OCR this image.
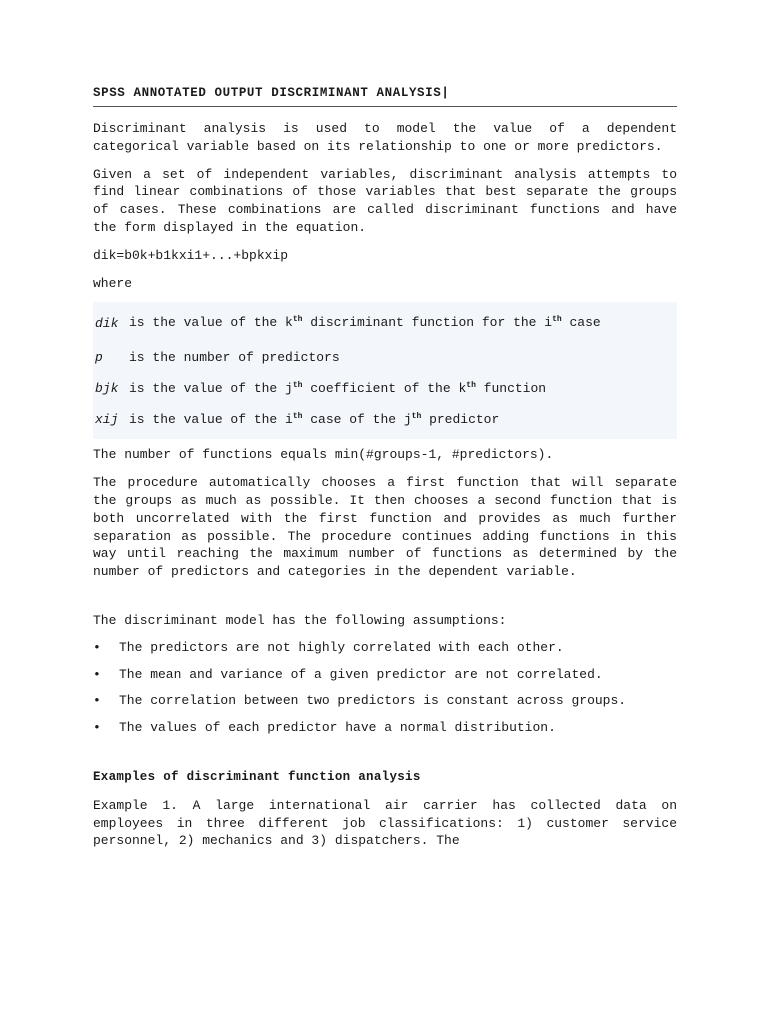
SPSS ANNOTATED OUTPUT DISCRIMINANT ANALYSIS|

Discriminant analysis is used to model the value of a dependent categorical variable based on its relationship to one or more predictors.

Given a set of independent variables, discriminant analysis attempts to find linear combinations of those variables that best separate the groups of cases. These combinations are called discriminant functions and have the form displayed in the equation.

dik=b0k+b1kxi1+...+bpkxip

where

dik is the value of the $k^{th}$ discriminant function for the $i^{th}$ case
p	is the number of predictors
bjk is the value of the $j^{th}$ coefficient of the $k^{th}$ function
xij is the value of the $i^{th}$ case of the $j^{th}$ predictor

The number of functions equals min(#groups-1, #predictors).

The procedure automatically chooses a first function that will separate the groups as much as possible. It then chooses a second function that is both uncorrelated with the first function and provides as much further separation as possible. The procedure continues adding functions in this way until reaching the maximum number of functions as determined by the number of predictors and categories in the dependent variable.

The discriminant model has the following assumptions:

• The predictors are not highly correlated with each other.

• The mean and variance of a given predictor are not correlated.

• The correlation between two predictors is constant across groups.

• The values of each predictor have a normal distribution.

Examples of discriminant function analysis

Example 1. A large international air carrier has collected data on employees in three different job classifications: 1) customer service personnel, 2) mechanics and 3) dispatchers. The
